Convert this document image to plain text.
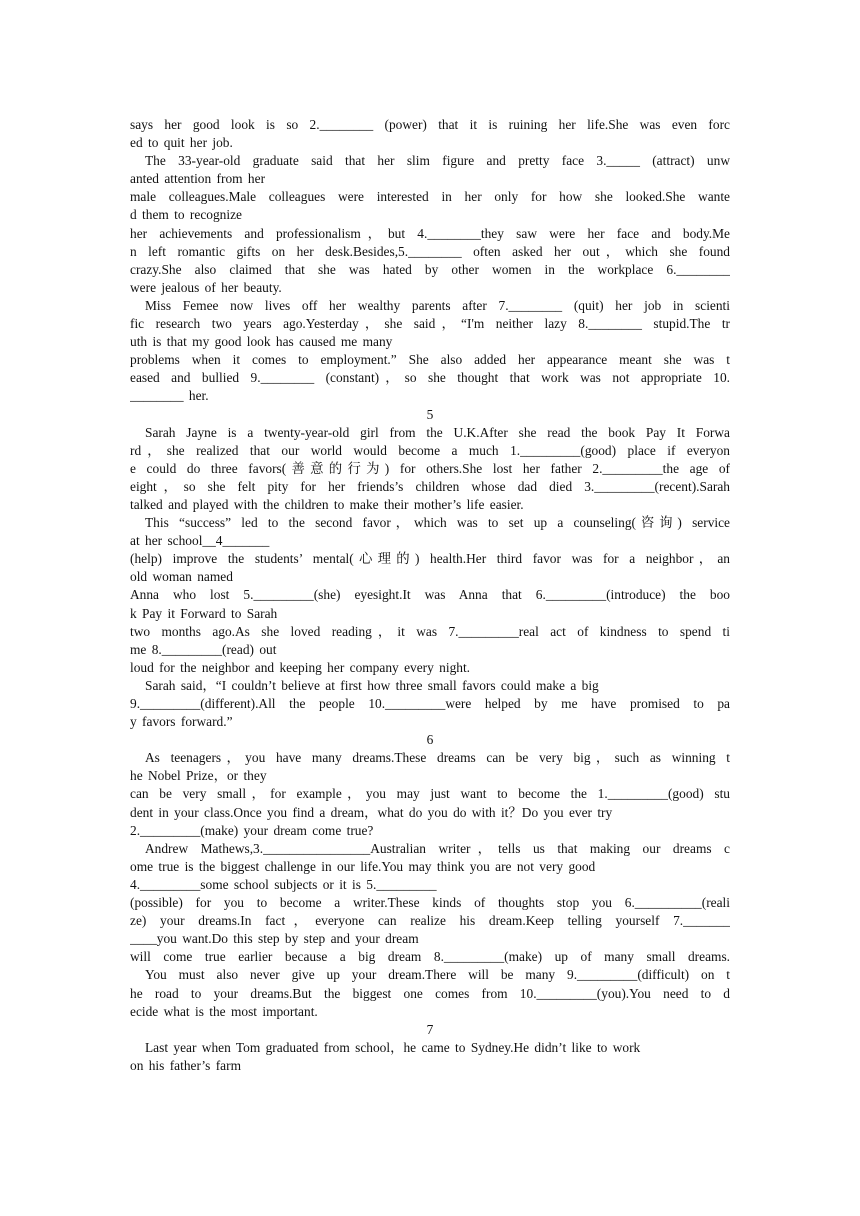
says her good look is so 2.________ (power) that it is ruining her life.She was even forc
ed to quit her job.
The 33-year-old graduate said that her slim figure and pretty face 3._____ (attract) unw
anted attention from her
male colleagues.Male colleagues were interested in her only for how she looked.She wante
d them to recognize
her achievements and professionalism，but 4.________they saw were her face and body.Me
n left romantic gifts on her desk.Besides,5.________ often asked her out，which she found
crazy.She also claimed that she was hated by other women in the workplace 6.________
were jealous of her beauty.
Miss Femee now lives off her wealthy parents after 7.________ (quit) her job in scienti
fic research two years ago.Yesterday，she said，“I'm neither lazy 8.________ stupid.The tr
uth is that my good look has caused me many
problems when it comes to employment.” She also added her appearance meant she was t
eased and bullied 9.________ (constant)，so she thought that work was not appropriate 10.
________ her.
5
Sarah Jayne is a twenty-year-old girl from the U.K.After she read the book Pay It Forwa
rd，she realized that our world would become a much 1._________(good) place if everyon
e could do three favors(善意的行为) for others.She lost her father 2._________the age of
eight，so she felt pity for her friends’s children whose dad died 3._________(recent).Sarah
talked and played with the children to make their mother’s life easier.
This “success” led to the second favor，which was to set up a counseling(咨询) service
at her school__4_______
(help) improve the students’ mental(心理的) health.Her third favor was for a neighbor，an
old woman named
Anna who lost 5._________(she) eyesight.It was Anna that 6._________(introduce) the boo
k Pay it Forward to Sarah
two months ago.As she loved reading，it was 7._________real act of kindness to spend ti
me 8._________(read) out
loud for the neighbor and keeping her company every night.
Sarah said，“I couldn’t believe at first how three small favors could make a big
9._________(different).All the people 10._________were helped by me have promised to pa
y favors forward.”
6
As teenagers，you have many dreams.These dreams can be very big，such as winning t
he Nobel Prize，or they
can be very small，for example，you may just want to become the 1._________(good) stu
dent in your class.Once you find a dream，what do you do with it？Do you ever try
2._________(make) your dream come true?
Andrew Mathews,3.________________Australian writer，tells us that making our dreams c
ome true is the biggest challenge in our life.You may think you are not very good
4._________some school subjects or it is 5._________
(possible) for you to become a writer.These kinds of thoughts stop you 6.__________(reali
ze) your dreams.In fact，everyone can realize his dream.Keep telling yourself 7._______
____you want.Do this step by step and your dream
will come true earlier because a big dream 8._________(make) up of many small dreams.
You must also never give up your dream.There will be many 9._________(difficult) on t
he road to your dreams.But the biggest one comes from 10._________(you).You need to d
ecide what is the most important.
7
Last year when Tom graduated from school，he came to Sydney.He didn’t like to work
on his father’s farm
